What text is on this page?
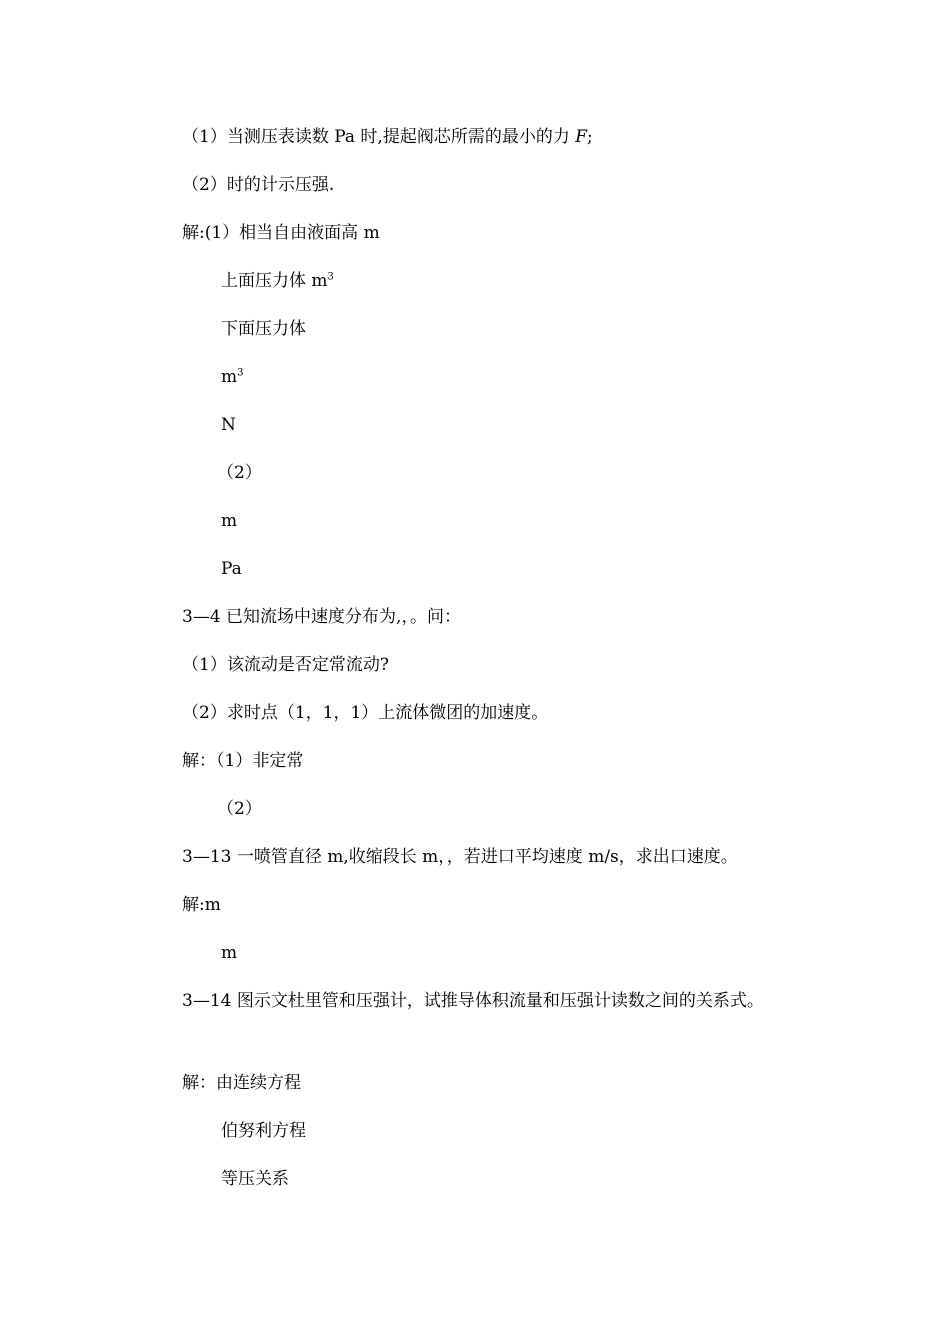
（1）当测压表读数 Pa 时,提起阀芯所需的最小的力 F;
（2）时的计示压强.
解:(1）相当自由液面高 m
上面压力体 $m^3$
下面压力体
$m^3$
N
（2）
m
Pa
3—4 已知流场中速度分布为,，。问：
（1）该流动是否定常流动?
（2）求时点（1，1，1）上流体微团的加速度。
解：（1）非定常
（2）
3—13 一喷管直径 m,收缩段长 m，，若进口平均速度 m/s，求出口速度。
解:m
m
3—14 图示文杜里管和压强计，试推导体积流量和压强计读数之间的关系式。
解：由连续方程
伯努利方程
等压关系
